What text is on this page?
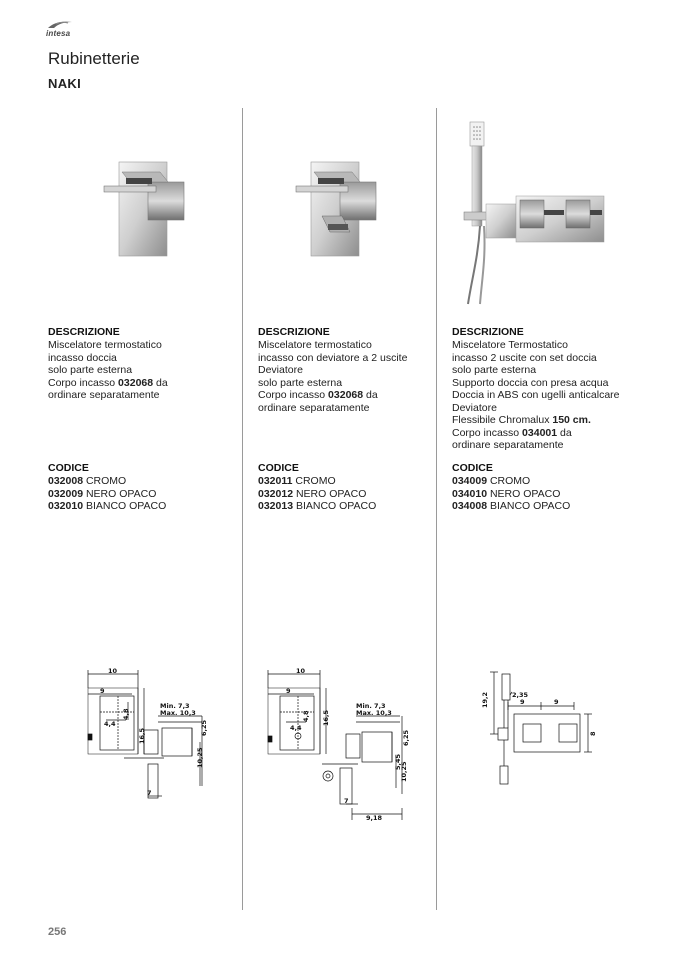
intesa
Rubinetterie
NAKI
DESCRIZIONE
Miscelatore termostatico
incasso doccia
solo parte esterna
Corpo incasso 032068 da
ordinare separatamente
CODICE
032008 CROMO
032009 NERO OPACO
032010 BIANCO OPACO
10
9
4,8
16,5
4,4
Min. 7,3
Max. 10,3
6,25
10,25
7
DESCRIZIONE
Miscelatore termostatico
incasso con deviatore a 2 uscite
Deviatore
solo parte esterna
Corpo incasso 032068 da
ordinare separatamente
CODICE
032011 CROMO
032012 NERO OPACO
032013 BIANCO OPACO
10
9
4,8 16,5
4,4
Min. 7,3
Max. 10,3
6,25
5,45
10,25
7
9,18
DESCRIZIONE
Miscelatore Termostatico
incasso 2 uscite con set doccia
solo parte esterna
Supporto doccia con presa acqua
Doccia in ABS con ugelli anticalcare
Deviatore
Flessibile Chromalux 150 cm.
Corpo incasso 034001 da
ordinare separatamente
CODICE
034009 CROMO
034010 NERO OPACO
034008 BIANCO OPACO
19,2	2,35
9	9
8
256
